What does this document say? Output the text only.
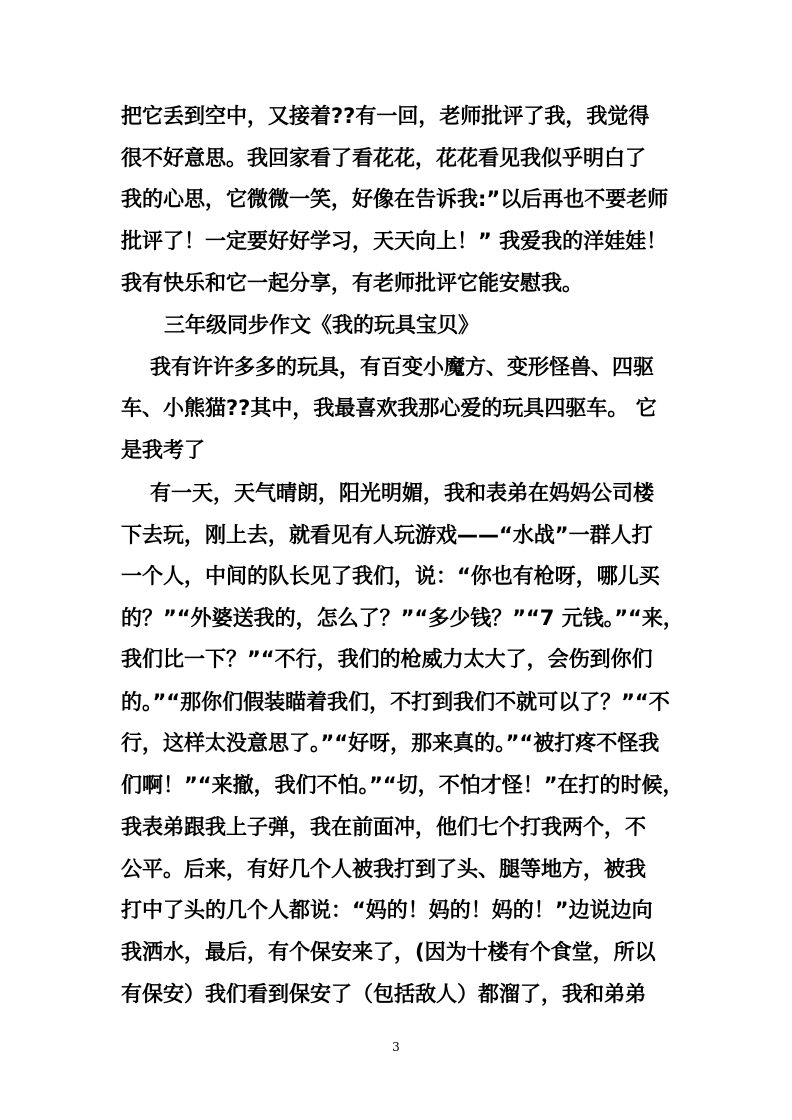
把它丢到空中，又接着??有一回，老师批评了我，我觉得
很不好意思。我回家看了看花花，花花看见我似乎明白了
我的心思，它微微一笑，好像在告诉我:”以后再也不要老师
批评了！一定要好好学习，天天向上！” 我爱我的洋娃娃！
我有快乐和它一起分享，有老师批评它能安慰我。
三年级同步作文《我的玩具宝贝》
我有许许多多的玩具，有百变小魔方、变形怪兽、四驱
车、小熊猫??其中，我最喜欢我那心爱的玩具四驱车。 它
是我考了
有一天，天气晴朗，阳光明媚，我和表弟在妈妈公司楼
下去玩，刚上去，就看见有人玩游戏——“水战”一群人打
一个人，中间的队长见了我们，说：“你也有枪呀，哪儿买
的？”“外婆送我的，怎么了？”“多少钱？”“7 元钱。”“来，
我们比一下？”“不行，我们的枪威力太大了，会伤到你们
的。”“那你们假装瞄着我们，不打到我们不就可以了？”“不
行，这样太没意思了。”“好呀，那来真的。”“被打疼不怪我
们啊！”“来撤，我们不怕。”“切，不怕才怪！”在打的时候，
我表弟跟我上子弹，我在前面冲，他们七个打我两个，不
公平。后来，有好几个人被我打到了头、腿等地方，被我
打中了头的几个人都说：“妈的！妈的！妈的！”边说边向
我洒水，最后，有个保安来了，(因为十楼有个食堂，所以
有保安）我们看到保安了（包括敌人）都溜了，我和弟弟
3
